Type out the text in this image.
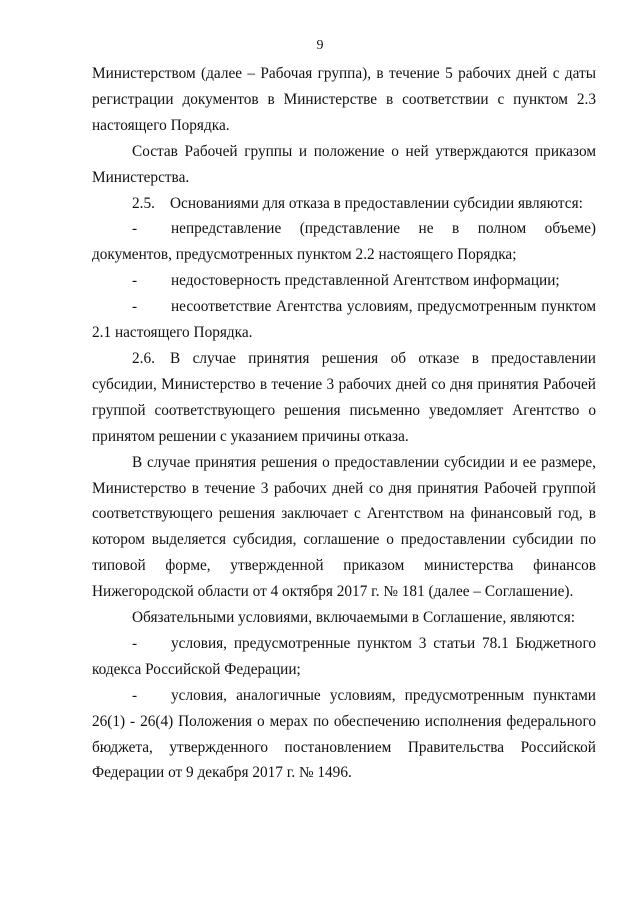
9

Министерством (далее – Рабочая группа), в течение 5 рабочих дней с даты регистрации документов в Министерстве в соответствии с пунктом 2.3 настоящего Порядка.

Состав Рабочей группы и положение о ней утверждаются приказом Министерства.

2.5. Основаниями для отказа в предоставлении субсидии являются:

- непредставление (представление не в полном объеме) документов, предусмотренных пунктом 2.2 настоящего Порядка;

- недостоверность представленной Агентством информации;

- несоответствие Агентства условиям, предусмотренным пунктом 2.1 настоящего Порядка.

2.6. В случае принятия решения об отказе в предоставлении субсидии, Министерство в течение 3 рабочих дней со дня принятия Рабочей группой соответствующего решения письменно уведомляет Агентство о принятом решении с указанием причины отказа.

В случае принятия решения о предоставлении субсидии и ее размере, Министерство в течение 3 рабочих дней со дня принятия Рабочей группой соответствующего решения заключает с Агентством на финансовый год, в котором выделяется субсидия, соглашение о предоставлении субсидии по типовой форме, утвержденной приказом министерства финансов Нижегородской области от 4 октября 2017 г. № 181 (далее – Соглашение).

Обязательными условиями, включаемыми в Соглашение, являются:

- условия, предусмотренные пунктом 3 статьи 78.1 Бюджетного кодекса Российской Федерации;

- условия, аналогичные условиям, предусмотренным пунктами 26(1) - 26(4) Положения о мерах по обеспечению исполнения федерального бюджета, утвержденного постановлением Правительства Российской Федерации от 9 декабря 2017 г. № 1496.
